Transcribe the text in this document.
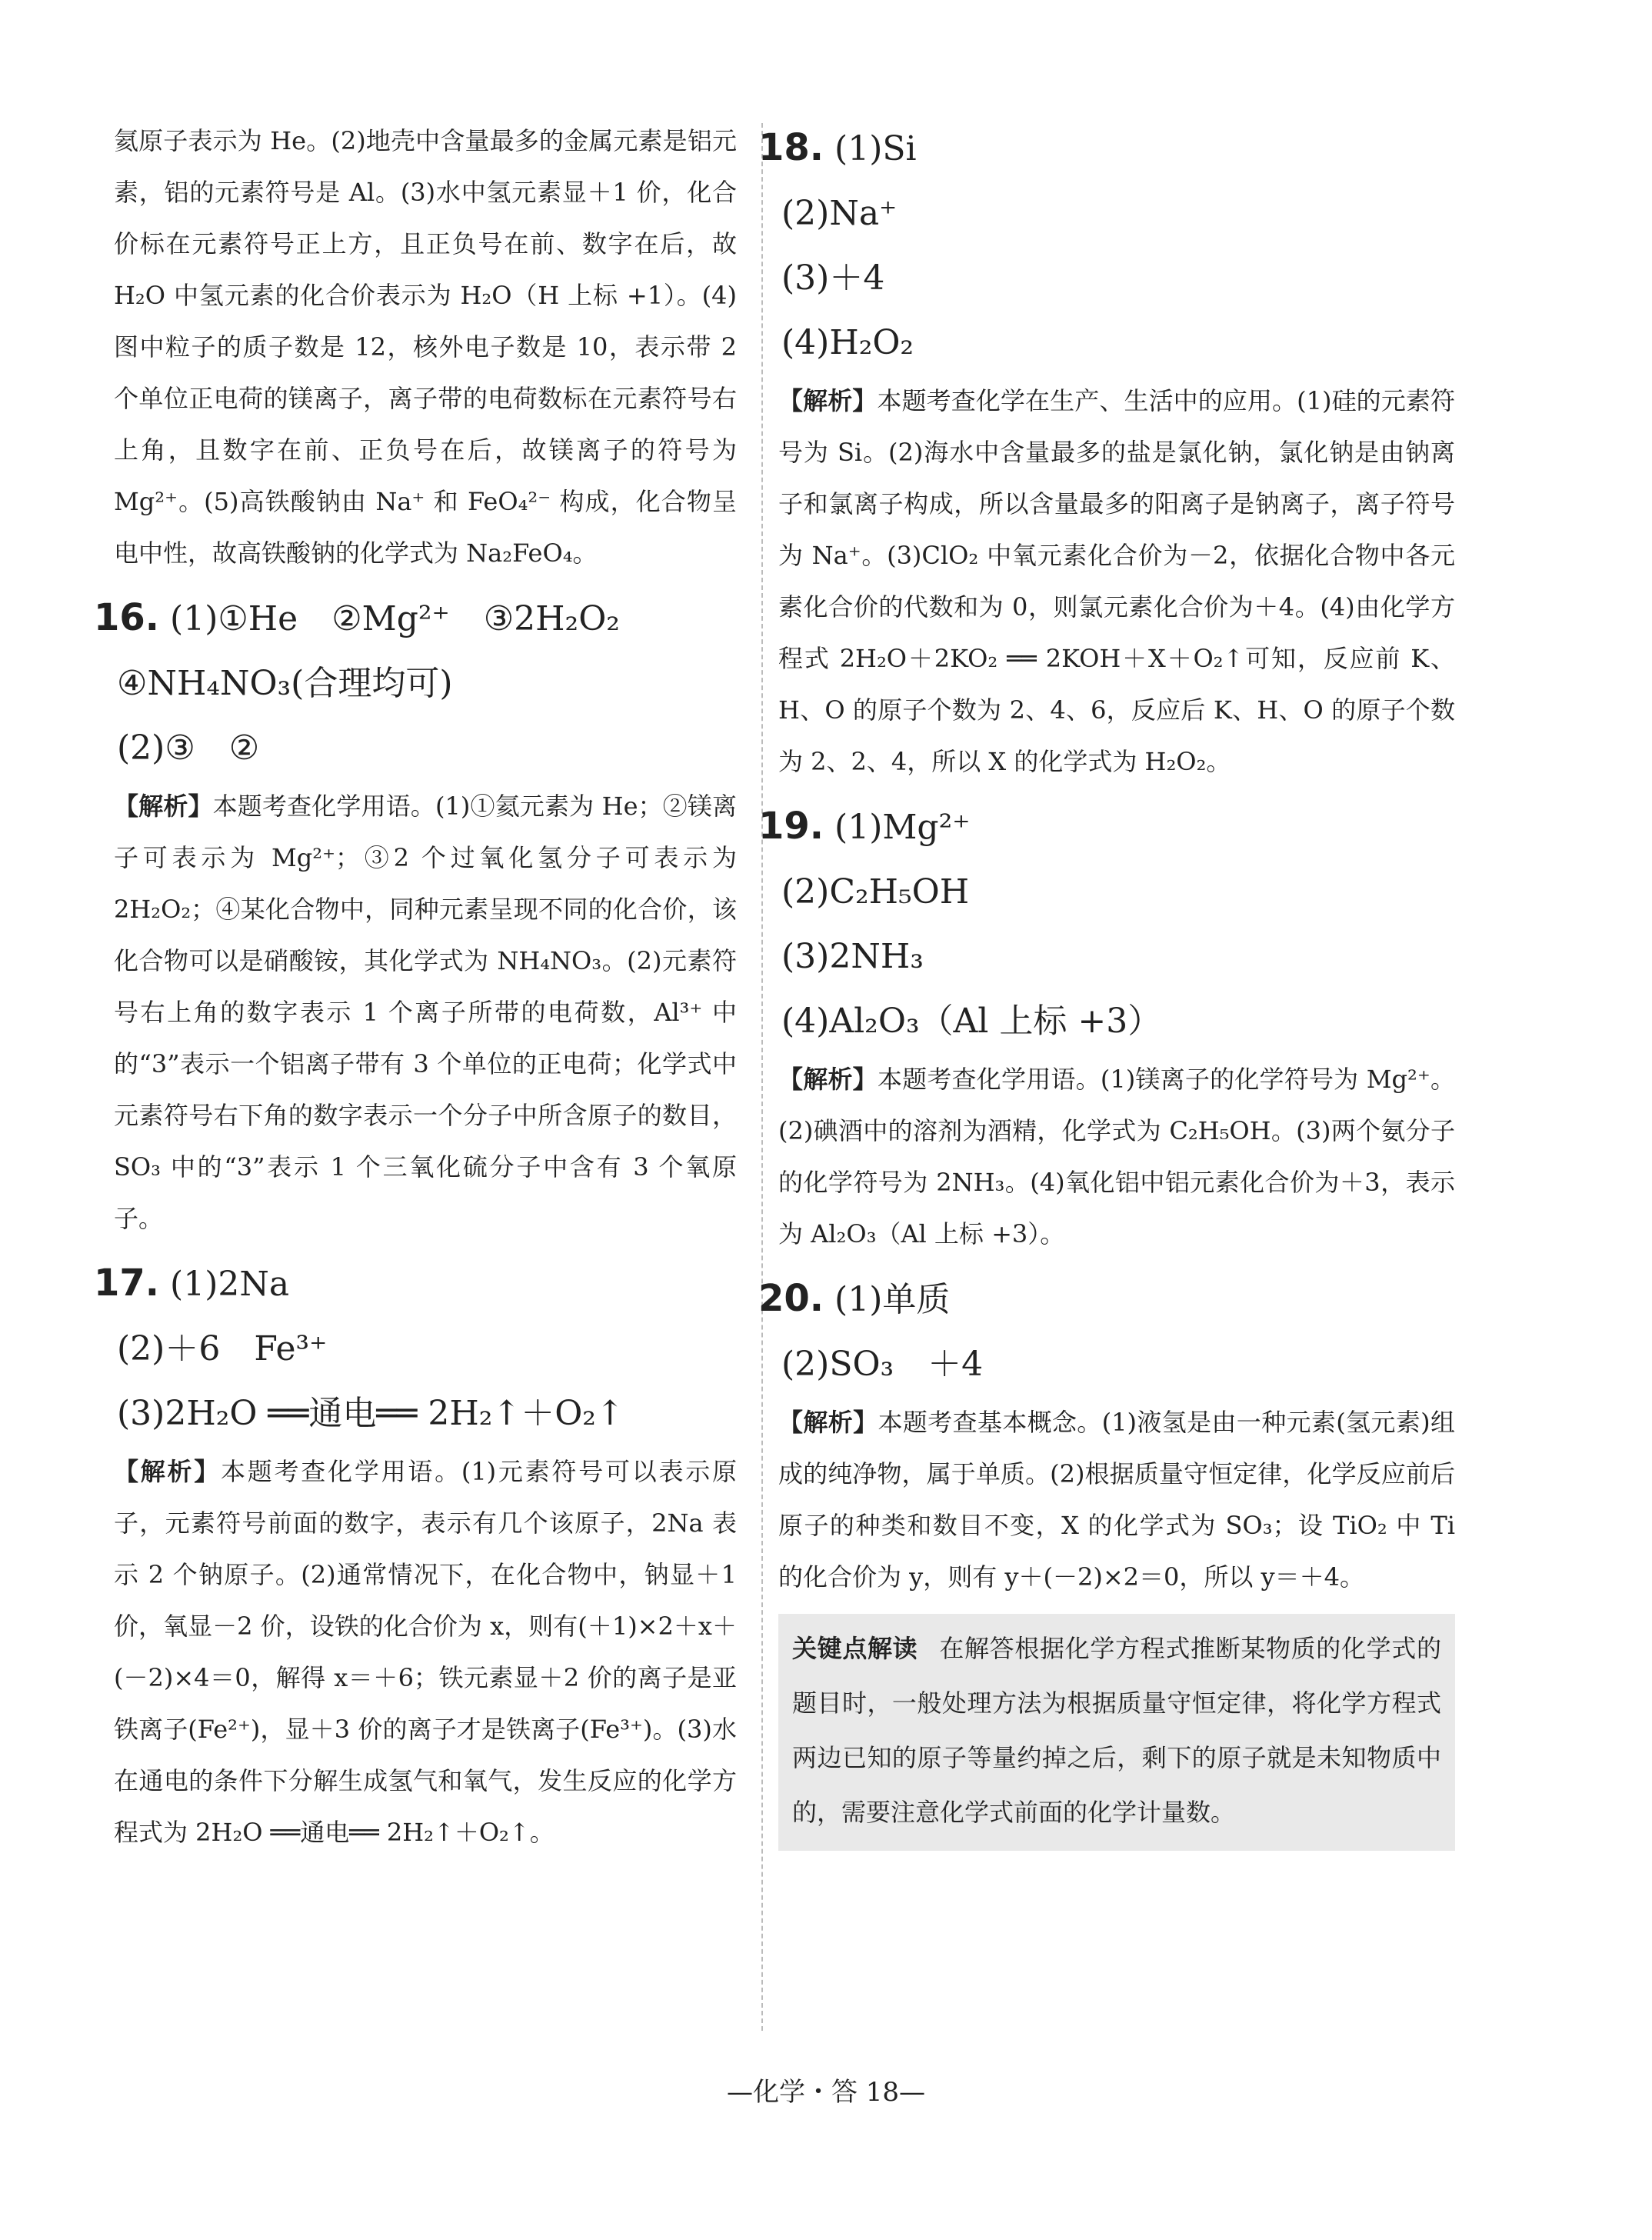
氦原子表示为 He。(2)地壳中含量最多的金属元素是铝元素，铝的元素符号是 Al。(3)水中氢元素显＋1 价，化合价标在元素符号正上方，且正负号在前、数字在后，故 H₂O 中氢元素的化合价表示为 H₂O（H 上标 +1）。(4)图中粒子的质子数是 12，核外电子数是 10，表示带 2 个单位正电荷的镁离子，离子带的电荷数标在元素符号右上角，且数字在前、正负号在后，故镁离子的符号为 Mg²⁺。(5)高铁酸钠由 Na⁺ 和 FeO₄²⁻ 构成，化合物呈电中性，故高铁酸钠的化学式为 Na₂FeO₄。
16. (1)①He　②Mg²⁺　③2H₂O₂
④NH₄NO₃(合理均可)
(2)③　②
【解析】本题考查化学用语。(1)①氦元素为 He；②镁离子可表示为 Mg²⁺；③2 个过氧化氢分子可表示为 2H₂O₂；④某化合物中，同种元素呈现不同的化合价，该化合物可以是硝酸铵，其化学式为 NH₄NO₃。(2)元素符号右上角的数字表示 1 个离子所带的电荷数，Al³⁺ 中的“3”表示一个铝离子带有 3 个单位的正电荷；化学式中元素符号右下角的数字表示一个分子中所含原子的数目，SO₃ 中的“3”表示 1 个三氧化硫分子中含有 3 个氧原子。
17. (1)2Na
(2)＋6　Fe³⁺
(3)2H₂O ══通电══ 2H₂↑＋O₂↑
【解析】本题考查化学用语。(1)元素符号可以表示原子，元素符号前面的数字，表示有几个该原子，2Na 表示 2 个钠原子。(2)通常情况下，在化合物中，钠显＋1 价，氧显－2 价，设铁的化合价为 x，则有(＋1)×2＋x＋(－2)×4＝0，解得 x＝＋6；铁元素显＋2 价的离子是亚铁离子(Fe²⁺)，显＋3 价的离子才是铁离子(Fe³⁺)。(3)水在通电的条件下分解生成氢气和氧气，发生反应的化学方程式为 2H₂O ══通电══ 2H₂↑＋O₂↑。
18. (1)Si
(2)Na⁺
(3)＋4
(4)H₂O₂
【解析】本题考查化学在生产、生活中的应用。(1)硅的元素符号为 Si。(2)海水中含量最多的盐是氯化钠，氯化钠是由钠离子和氯离子构成，所以含量最多的阳离子是钠离子，离子符号为 Na⁺。(3)ClO₂ 中氧元素化合价为－2，依据化合物中各元素化合价的代数和为 0，则氯元素化合价为＋4。(4)由化学方程式 2H₂O＋2KO₂ ══ 2KOH＋X＋O₂↑可知，反应前 K、H、O 的原子个数为 2、4、6，反应后 K、H、O 的原子个数为 2、2、4，所以 X 的化学式为 H₂O₂。
19. (1)Mg²⁺
(2)C₂H₅OH
(3)2NH₃
(4)Al₂O₃（Al 上标 +3）
【解析】本题考查化学用语。(1)镁离子的化学符号为 Mg²⁺。(2)碘酒中的溶剂为酒精，化学式为 C₂H₅OH。(3)两个氨分子的化学符号为 2NH₃。(4)氧化铝中铝元素化合价为＋3，表示为 Al₂O₃（Al 上标 +3）。
20. (1)单质
(2)SO₃　＋4
【解析】本题考查基本概念。(1)液氢是由一种元素(氢元素)组成的纯净物，属于单质。(2)根据质量守恒定律，化学反应前后原子的种类和数目不变，X 的化学式为 SO₃；设 TiO₂ 中 Ti 的化合价为 y，则有 y＋(－2)×2＝0，所以 y＝＋4。
关键点解读 在解答根据化学方程式推断某物质的化学式的题目时，一般处理方法为根据质量守恒定律，将化学方程式两边已知的原子等量约掉之后，剩下的原子就是未知物质中的，需要注意化学式前面的化学计量数。
—化学・答 18—
